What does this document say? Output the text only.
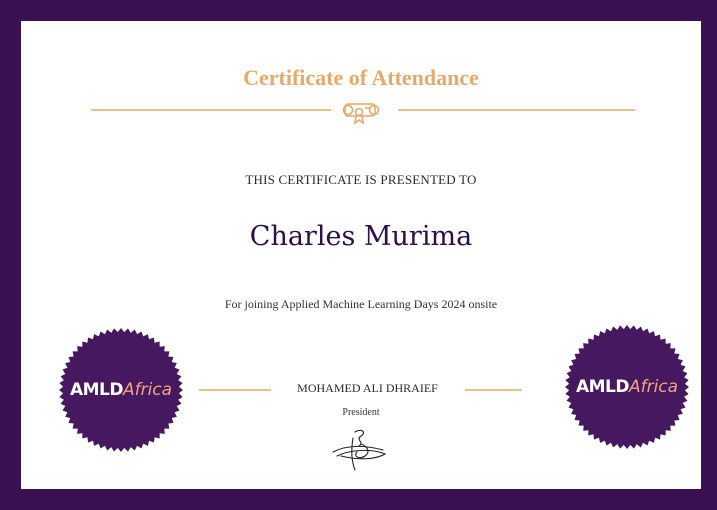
Certificate of Attendance
THIS CERTIFICATE IS PRESENTED TO
Charles Murima
For joining Applied Machine Learning Days 2024 onsite
AMLD Africa	MOHAMED ALI DHRAIEF
President
AMLD Africa
